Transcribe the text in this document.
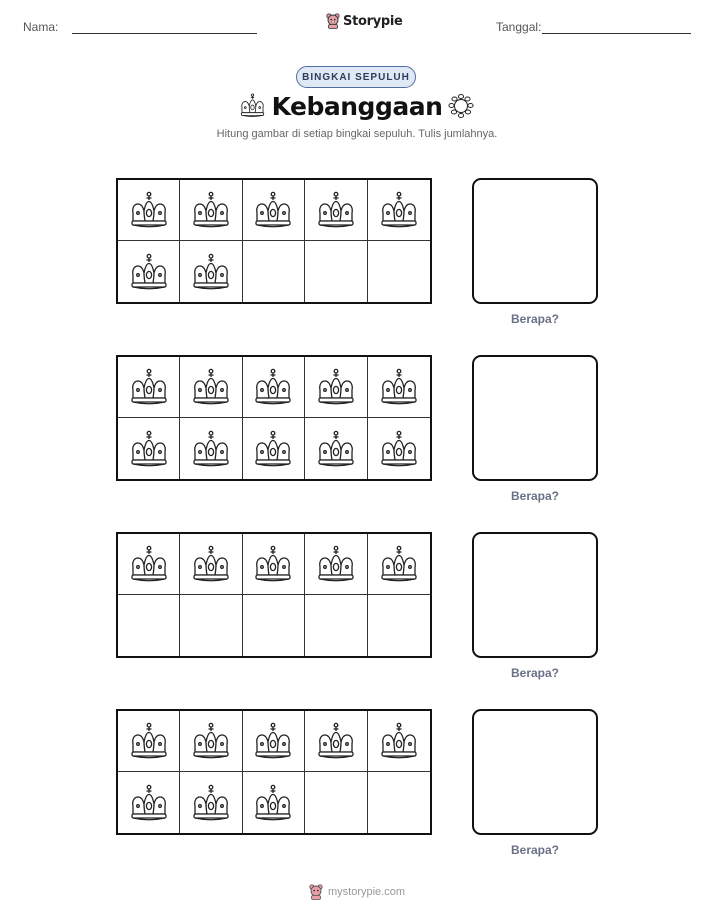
Nama:	Storypie	Tanggal:
BINGKAI SEPULUH
Kebanggaan
Hitung gambar di setiap bingkai sepuluh. Tulis jumlahnya.
Berapa?
Berapa?
Berapa?
Berapa?
mystorypie.com
